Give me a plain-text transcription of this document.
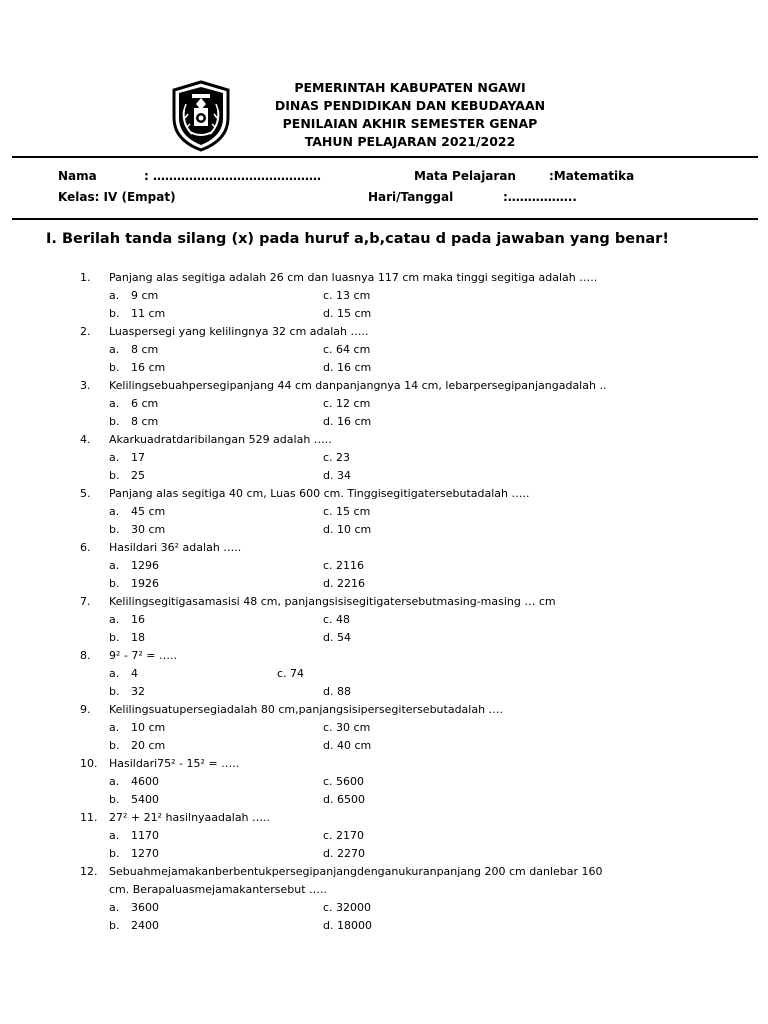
PEMERINTAH KABUPATEN NGAWI
DINAS PENDIDIKAN DAN KEBUDAYAAN
PENILAIAN AKHIR SEMESTER GENAP
TAHUN PELAJARAN 2021/2022
Nama	: ……………………………………	Mata Pelajaran	:Matematika
Kelas: IV (Empat)	Hari/Tanggal	:……………..
I. Berilah tanda silang (x) pada huruf a,b,catau d pada jawaban yang benar!
1. Panjang alas segitiga adalah 26 cm dan luasnya 117 cm maka tinggi segitiga adalah …..
a. 9 cm	c. 13 cm
b. 11 cm	d. 15 cm
2. Luaspersegi yang kelilingnya 32 cm adalah …..
a. 8 cm	c. 64 cm
b. 16 cm	d. 16 cm
3. Kelilingsebuahpersegipanjang 44 cm danpanjangnya 14 cm, lebarpersegipanjangadalah ..
a. 6 cm	c. 12 cm
b. 8 cm	d. 16 cm
4. Akarkuadratdaribilangan 529 adalah …..
a. 17	c. 23
b. 25	d. 34
5. Panjang alas segitiga 40 cm, Luas 600 cm. Tinggisegitigatersebutadalah …..
a. 45 cm	c. 15 cm
b. 30 cm	d. 10 cm
6. Hasildari 36² adalah …..
a. 1296	c. 2116
b. 1926	d. 2216
7. Kelilingsegitigasamasisi 48 cm, panjangsisisegitigatersebutmasing-masing … cm
a. 16	c. 48
b. 18	d. 54
8. 9² - 7² = …..
a. 4	c. 74
b. 32	d. 88
9. Kelilingsuatupersegiadalah 80 cm,panjangsisipersegitersebutadalah ….
a. 10 cm	c. 30 cm
b. 20 cm	d. 40 cm
10. Hasildari75² - 15² = …..
a. 4600	c. 5600
b. 5400	d. 6500
11. 27² + 21² hasilnyaadalah …..
a. 1170	c. 2170
b. 1270	d. 2270
12. Sebuahmejamakanberbentukpersegipanjangdenganukuranpanjang 200 cm danlebar 160
cm. Berapaluasmejamakantersebut …..
a. 3600	c. 32000
b. 2400	d. 18000
